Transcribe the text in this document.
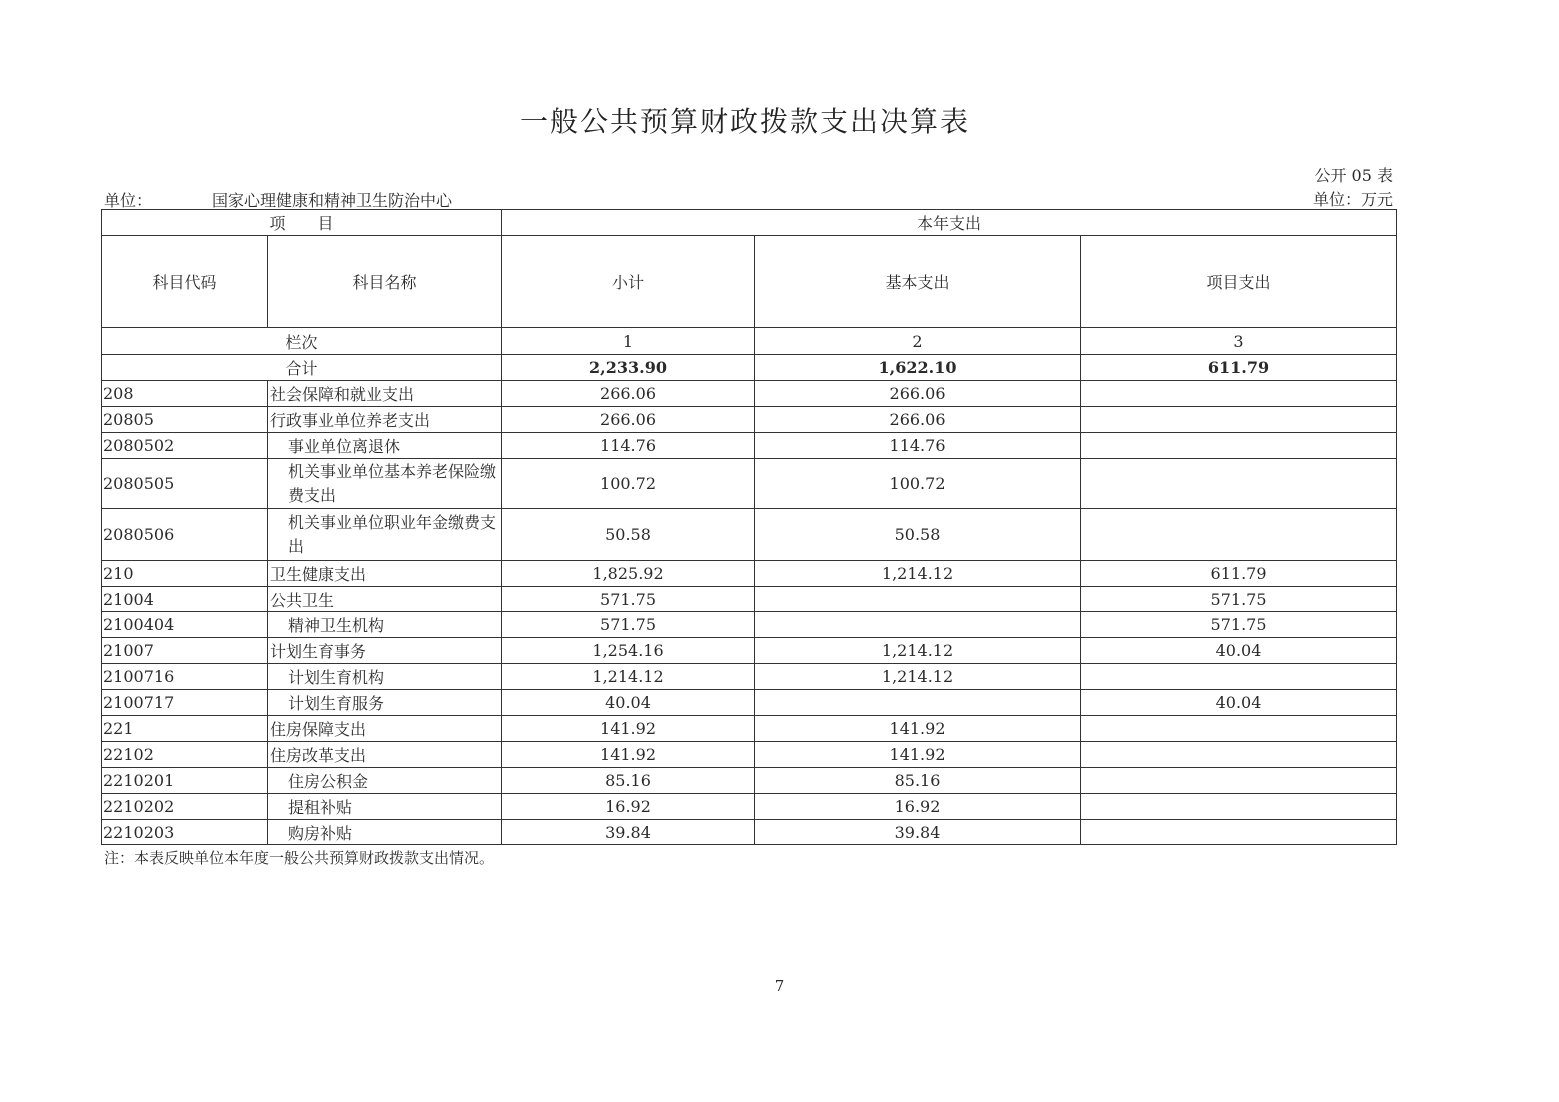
一般公共预算财政拨款支出决算表
公开 05 表
单位：	国家心理健康和精神卫生防治中心	单位：万元
项　　目		本年支出		
科目代码	科目名称	小计	基本支出	项目支出
栏次		1	2	3
合计		2,233.90	1,622.10	611.79
208	社会保障和就业支出	266.06	266.06	
20805	行政事业单位养老支出	266.06	266.06	
2080502	事业单位离退休	114.76	114.76	
2080505	机关事业单位基本养老保险缴费支出	100.72	100.72	
2080506	机关事业单位职业年金缴费支出	50.58	50.58	
210	卫生健康支出	1,825.92	1,214.12	611.79
21004	公共卫生	571.75		571.75
2100404	精神卫生机构	571.75		571.75
21007	计划生育事务	1,254.16	1,214.12	40.04
2100716	计划生育机构	1,214.12	1,214.12	
2100717	计划生育服务	40.04		40.04
221	住房保障支出	141.92	141.92	
22102	住房改革支出	141.92	141.92	
2210201	住房公积金	85.16	85.16	
2210202	提租补贴	16.92	16.92	
2210203	购房补贴	39.84	39.84	
注：本表反映单位本年度一般公共预算财政拨款支出情况。
7
